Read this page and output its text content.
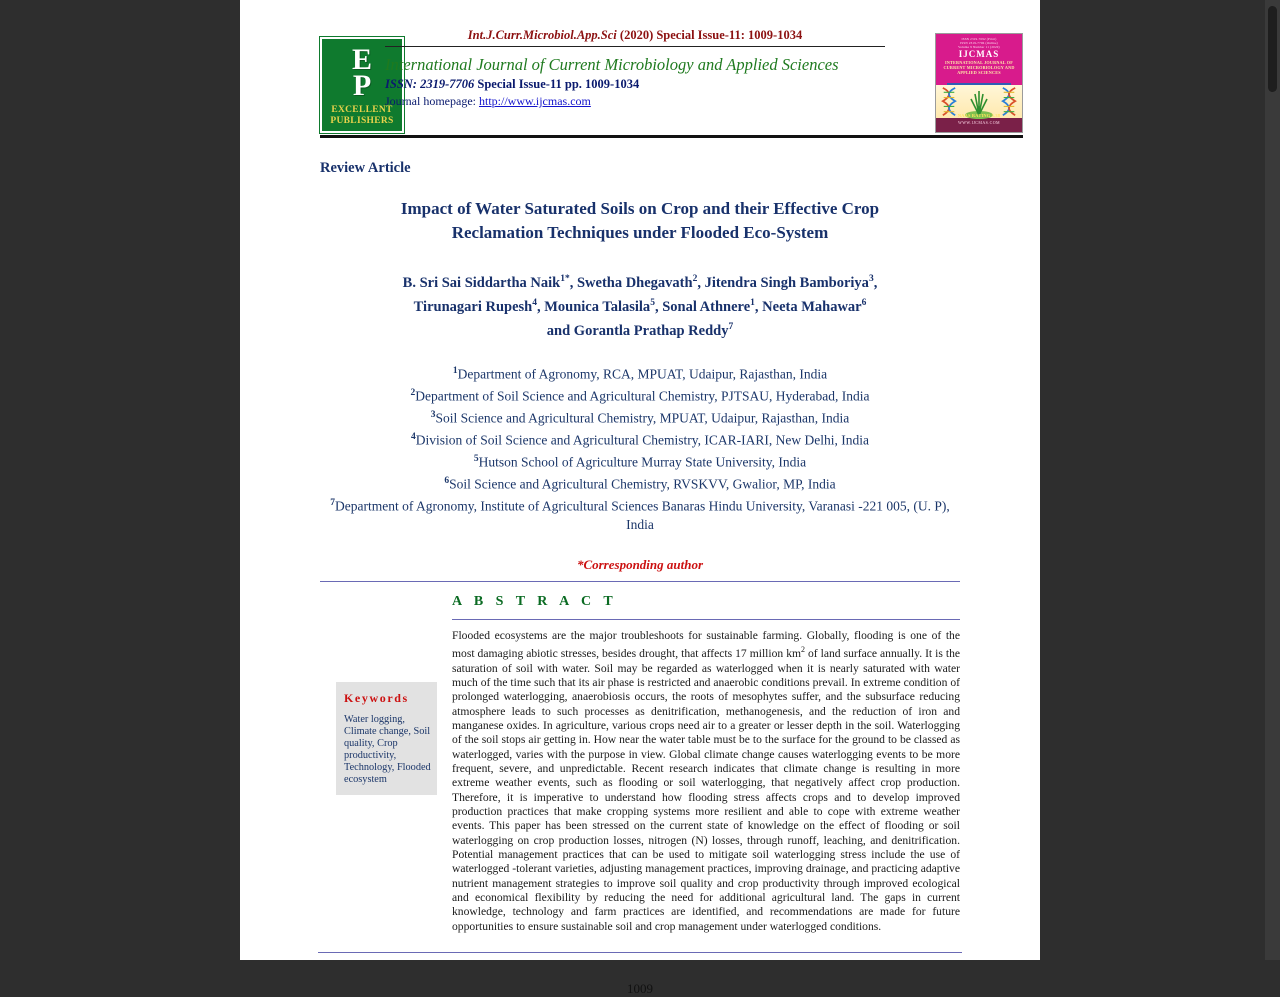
E
P
EXCELLENT
PUBLISHERS
Int.J.Curr.Microbiol.App.Sci (2020) Special Issue-11: 1009-1034
International Journal of Current Microbiology and Applied Sciences
ISSN: 2319-7706 Special Issue-11 pp. 1009-1034
Journal homepage: http://www.ijcmas.com
ISSN 2319-7692 (Print)
ISSN 2319-7706 (Online)
Volume 9 Number 11 (2020)
IJCMAS
INTERNATIONAL JOURNAL OF CURRENT MICROBIOLOGY AND APPLIED SCIENCES
NAAS RATING 5.38
WWW.IJCMAS.COM
Review Article
Impact of Water Saturated Soils on Crop and their Effective Crop Reclamation Techniques under Flooded Eco-System
B. Sri Sai Siddartha Naik$^{1*}$, Swetha Dhegavath$^2$, Jitendra Singh Bamboriya$^3$,
Tirunagari Rupesh$^4$, Mounica Talasila$^5$, Sonal Athnere$^1$, Neeta Mahawar$^6$
and Gorantla Prathap Reddy$^7$
$^1$Department of Agronomy, RCA, MPUAT, Udaipur, Rajasthan, India
$^2$Department of Soil Science and Agricultural Chemistry, PJTSAU, Hyderabad, India
$^3$Soil Science and Agricultural Chemistry, MPUAT, Udaipur, Rajasthan, India
$^4$Division of Soil Science and Agricultural Chemistry, ICAR-IARI, New Delhi, India
$^5$Hutson School of Agriculture Murray State University, India
$^6$Soil Science and Agricultural Chemistry, RVSKVV, Gwalior, MP, India
$^7$Department of Agronomy, Institute of Agricultural Sciences Banaras Hindu University, Varanasi -221 005, (U. P), India
*Corresponding author
Keywords
Water logging, Climate change, Soil quality, Crop productivity, Technology, Flooded ecosystem
A B S T R A C T
Flooded ecosystems are the major troubleshoots for sustainable farming. Globally, flooding is one of the most damaging abiotic stresses, besides drought, that affects 17 million $km^2$ of land surface annually. It is the saturation of soil with water. Soil may be regarded as waterlogged when it is nearly saturated with water much of the time such that its air phase is restricted and anaerobic conditions prevail. In extreme condition of prolonged waterlogging, anaerobiosis occurs, the roots of mesophytes suffer, and the subsurface reducing atmosphere leads to such processes as denitrification, methanogenesis, and the reduction of iron and manganese oxides. In agriculture, various crops need air to a greater or lesser depth in the soil. Waterlogging of the soil stops air getting in. How near the water table must be to the surface for the ground to be classed as waterlogged, varies with the purpose in view. Global climate change causes waterlogging events to be more frequent, severe, and unpredictable. Recent research indicates that climate change is resulting in more extreme weather events, such as flooding or soil waterlogging, that negatively affect crop production. Therefore, it is imperative to understand how flooding stress affects crops and to develop improved production practices that make cropping systems more resilient and able to cope with extreme weather events. This paper has been stressed on the current state of knowledge on the effect of flooding or soil waterlogging on crop production losses, nitrogen (N) losses, through runoff, leaching, and denitrification. Potential management practices that can be used to mitigate soil waterlogging stress include the use of waterlogged -tolerant varieties, adjusting management practices, improving drainage, and practicing adaptive nutrient management strategies to improve soil quality and crop productivity through improved ecological and economical flexibility by reducing the need for additional agricultural land. The gaps in current knowledge, technology and farm practices are identified, and recommendations are made for future opportunities to ensure sustainable soil and crop management under waterlogged conditions.
1009
